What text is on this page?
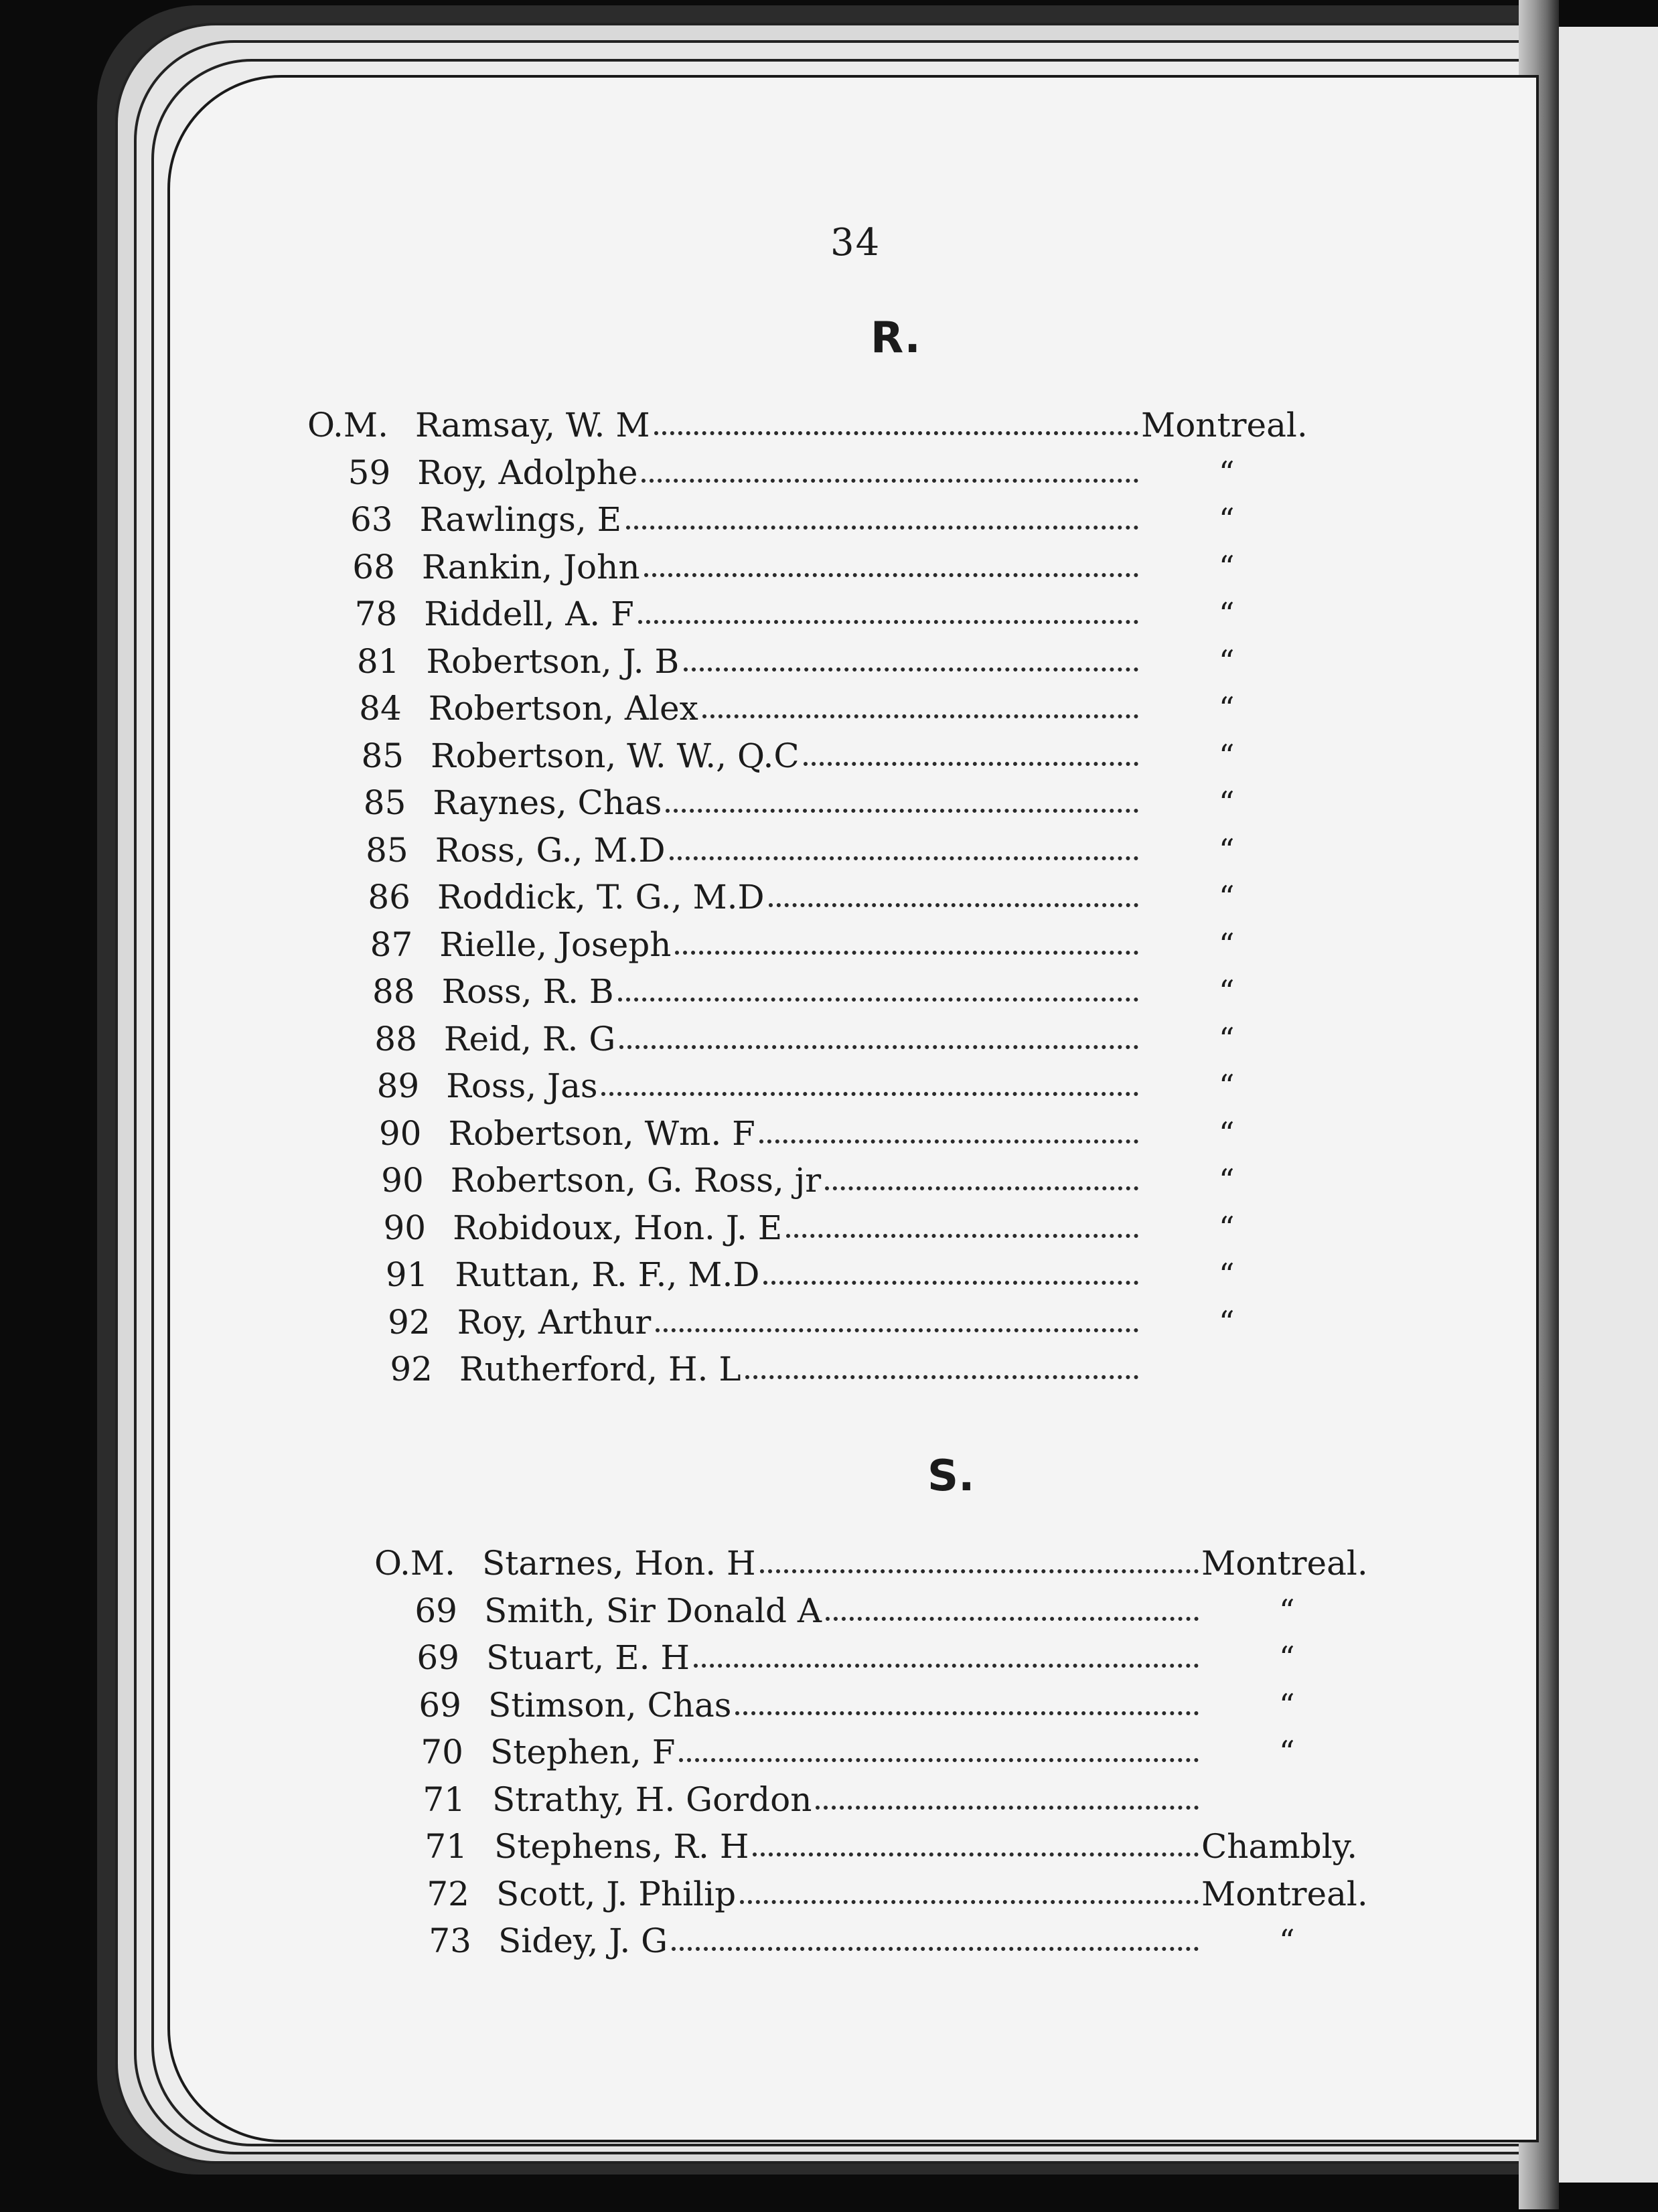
34
R.
O.M. Ramsay, W. M	Montreal.
59 Roy, Adolphe	“
63 Rawlings, E	“
68 Rankin, John	“
78 Riddell, A. F	“
81 Robertson, J. B	“
84 Robertson, Alex	“
85 Robertson, W. W., Q.C	“
85 Raynes, Chas	“
85 Ross, G., M.D	“
86 Roddick, T. G., M.D	“
87 Rielle, Joseph	“
88 Ross, R. B	“
88 Reid, R. G	“
89 Ross, Jas	“
90 Robertson, Wm. F	“
90 Robertson, G. Ross, jr	“
90 Robidoux, Hon. J. E	“
91 Ruttan, R. F., M.D	“
92 Roy, Arthur	“
92 Rutherford, H. L
S.
O.M. Starnes, Hon. H	Montreal.
69 Smith, Sir Donald A	“
69 Stuart, E. H	“
69 Stimson, Chas	“
70 Stephen, F	“
71 Strathy, H. Gordon
71 Stephens, R. H	Chambly.
72 Scott, J. Philip	Montreal.
73 Sidey, J. G	“
